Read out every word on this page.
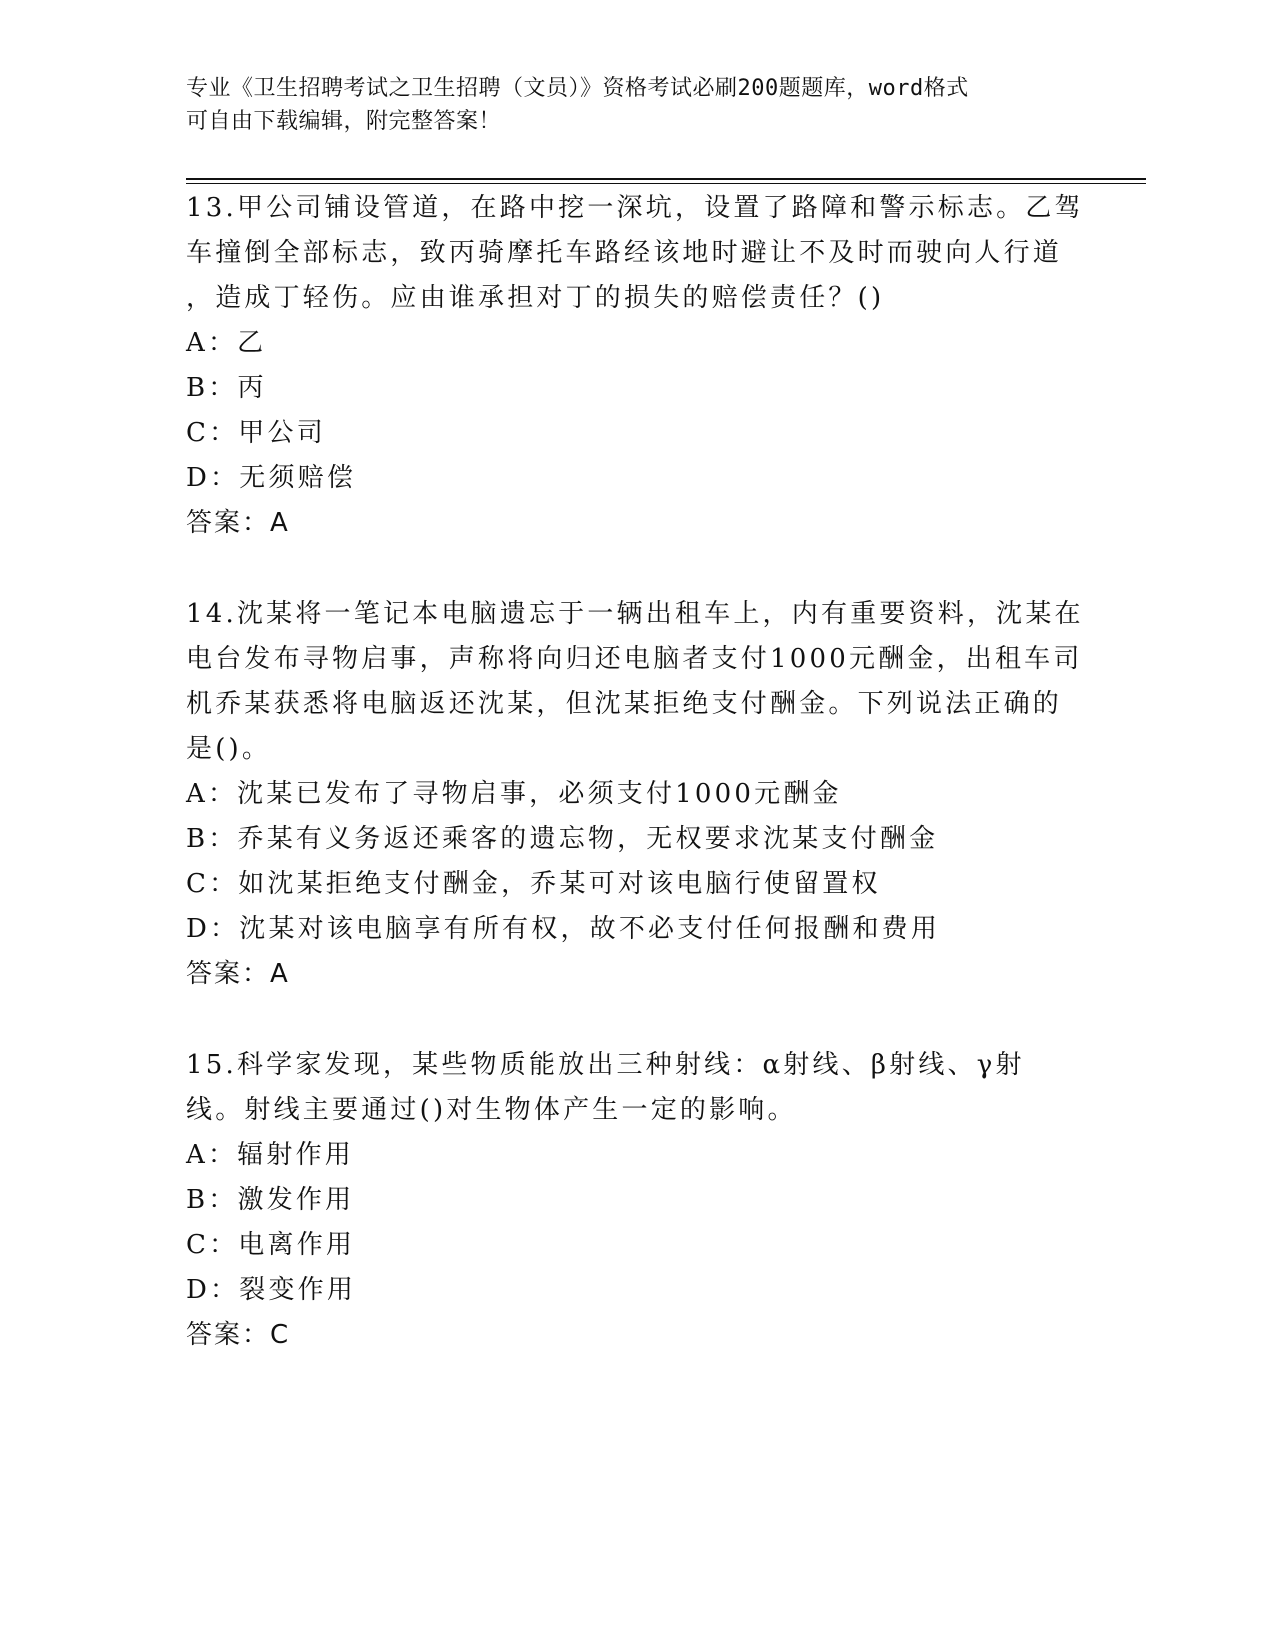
专业《卫生招聘考试之卫生招聘（文员）》资格考试必刷200题题库，word格式
可自由下载编辑，附完整答案！
13.甲公司铺设管道，在路中挖一深坑，设置了路障和警示标志。乙驾
车撞倒全部标志，致丙骑摩托车路经该地时避让不及时而驶向人行道
，造成丁轻伤。应由谁承担对丁的损失的赔偿责任？()
A：乙
B：丙
C：甲公司
D：无须赔偿
答案：A
14.沈某将一笔记本电脑遗忘于一辆出租车上，内有重要资料，沈某在
电台发布寻物启事，声称将向归还电脑者支付1000元酬金，出租车司
机乔某获悉将电脑返还沈某，但沈某拒绝支付酬金。下列说法正确的
是()。
A：沈某已发布了寻物启事，必须支付1000元酬金
B：乔某有义务返还乘客的遗忘物，无权要求沈某支付酬金
C：如沈某拒绝支付酬金，乔某可对该电脑行使留置权
D：沈某对该电脑享有所有权，故不必支付任何报酬和费用
答案：A
15.科学家发现，某些物质能放出三种射线：α射线、β射线、γ射
线。射线主要通过()对生物体产生一定的影响。
A：辐射作用
B：激发作用
C：电离作用
D：裂变作用
答案：C
